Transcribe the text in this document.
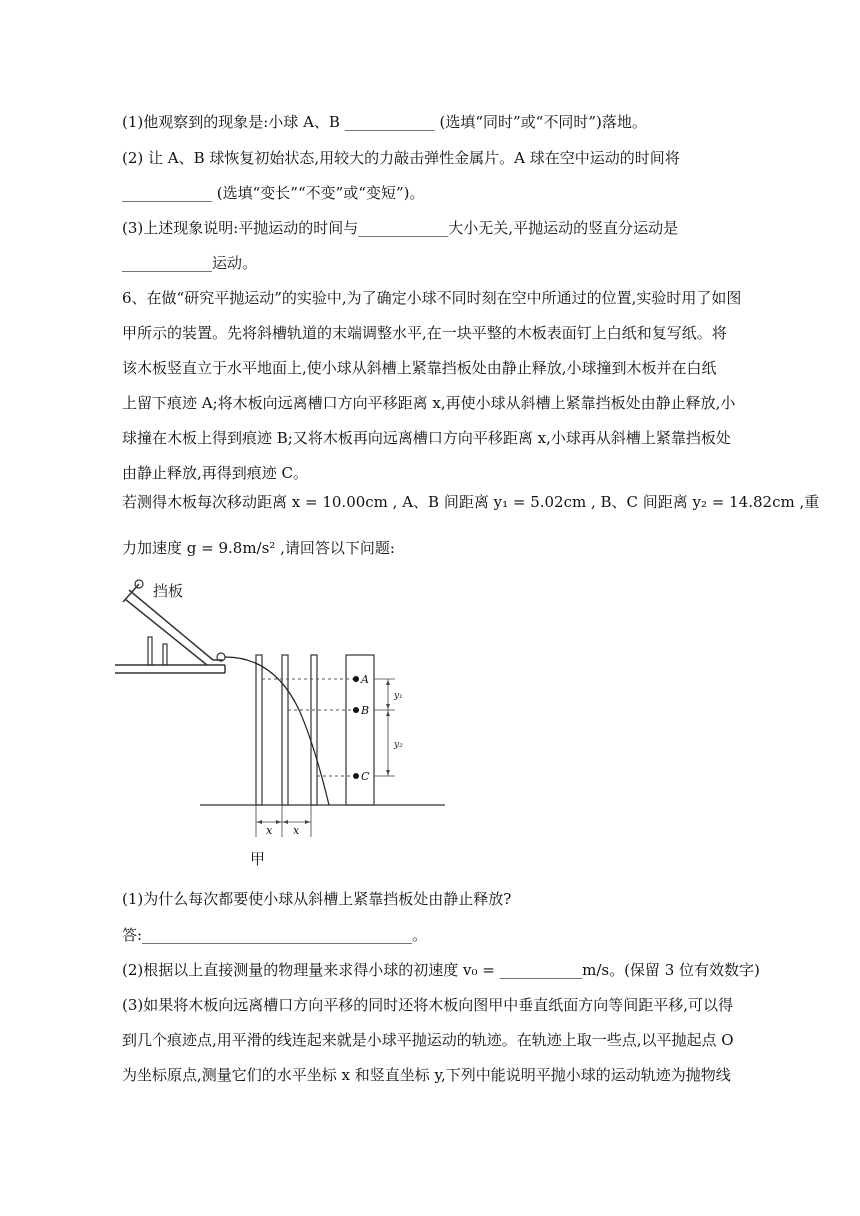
(1)他观察到的现象是:小球 A、B ____________ (选填“同时”或“不同时”)落地。
(2) 让 A、B 球恢复初始状态,用较大的力敲击弹性金属片。A 球在空中运动的时间将
____________ (选填“变长”“不变”或“变短”)。
(3)上述现象说明:平抛运动的时间与____________大小无关,平抛运动的竖直分运动是
____________运动。
6、在做“研究平抛运动”的实验中,为了确定小球不同时刻在空中所通过的位置,实验时用了如图
甲所示的装置。先将斜槽轨道的末端调整水平,在一块平整的木板表面钉上白纸和复写纸。将
该木板竖直立于水平地面上,使小球从斜槽上紧靠挡板处由静止释放,小球撞到木板并在白纸
上留下痕迹 A;将木板向远离槽口方向平移距离 x,再使小球从斜槽上紧靠挡板处由静止释放,小
球撞在木板上得到痕迹 B;又将木板再向远离槽口方向平移距离 x,小球再从斜槽上紧靠挡板处
由静止释放,再得到痕迹 C。
若测得木板每次移动距离 x = 10.00cm , A、B 间距离 y₁ = 5.02cm , B、C 间距离 y₂ = 14.82cm ,重
力加速度 g = 9.8m/s² ,请回答以下问题:
挡板
A
B
C
y₁
y₂
x x
甲
(1)为什么每次都要使小球从斜槽上紧靠挡板处由静止释放?
答:____________________________________。
(2)根据以上直接测量的物理量来求得小球的初速度 v₀ = ___________m/s。(保留 3 位有效数字)
(3)如果将木板向远离槽口方向平移的同时还将木板向图甲中垂直纸面方向等间距平移,可以得
到几个痕迹点,用平滑的线连起来就是小球平抛运动的轨迹。在轨迹上取一些点,以平抛起点 O
为坐标原点,测量它们的水平坐标 x 和竖直坐标 y,下列中能说明平抛小球的运动轨迹为抛物线
